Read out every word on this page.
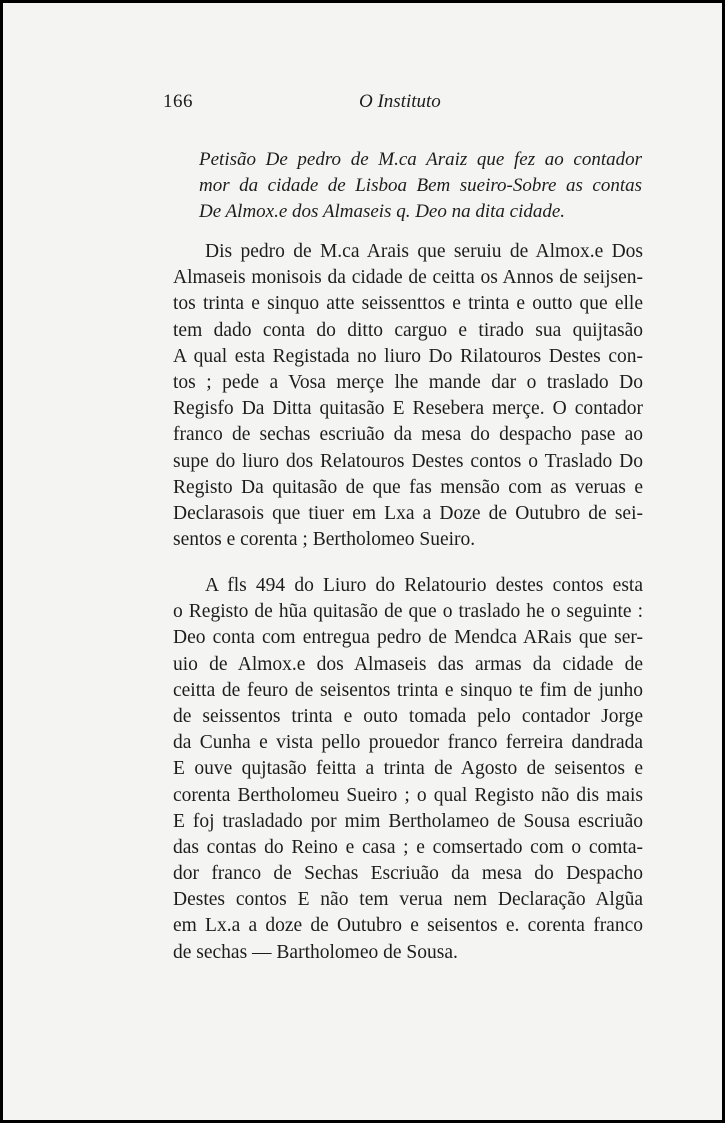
166	O Instituto
Petisão De pedro de M.ca Araiz que fez ao contador
mor da cidade de Lisboa Bem sueiro-Sobre as contas
De Almox.e dos Almaseis q. Deo na dita cidade.
Dis pedro de M.ca Arais que seruiu de Almox.e Dos
Almaseis monisois da cidade de ceitta os Annos de seijsen-
tos trinta e sinquo atte seissenttos e trinta e outto que elle
tem dado conta do ditto carguo e tirado sua quijtasão
A qual esta Registada no liuro Do Rilatouros Destes con-
tos ; pede a Vosa merçe lhe mande dar o traslado Do
Regisfo Da Ditta quitasão E Resebera merçe. O contador
franco de sechas escriuão da mesa do despacho pase ao
supe do liuro dos Relatouros Destes contos o Traslado Do
Registo Da quitasão de que fas mensão com as veruas e
Declarasois que tiuer em Lxa a Doze de Outubro de sei-
sentos e corenta ; Bertholomeo Sueiro.
A fls 494 do Liuro do Relatourio destes contos esta
o Registo de hũa quitasão de que o traslado he o seguinte :
Deo conta com entregua pedro de Mendca ARais que ser-
uio de Almox.e dos Almaseis das armas da cidade de
ceitta de feuro de seisentos trinta e sinquo te fim de junho
de seissentos trinta e outo tomada pelo contador Jorge
da Cunha e vista pello prouedor franco ferreira dandrada
E ouve qujtasão feitta a trinta de Agosto de seisentos e
corenta Bertholomeu Sueiro ; o qual Registo não dis mais
E foj trasladado por mim Bertholameo de Sousa escriuão
das contas do Reino e casa ; e comsertado com o comta-
dor franco de Sechas Escriuão da mesa do Despacho
Destes contos E não tem verua nem Declaração Algũa
em Lx.a a doze de Outubro e seisentos e. corenta franco
de sechas — Bartholomeo de Sousa.
